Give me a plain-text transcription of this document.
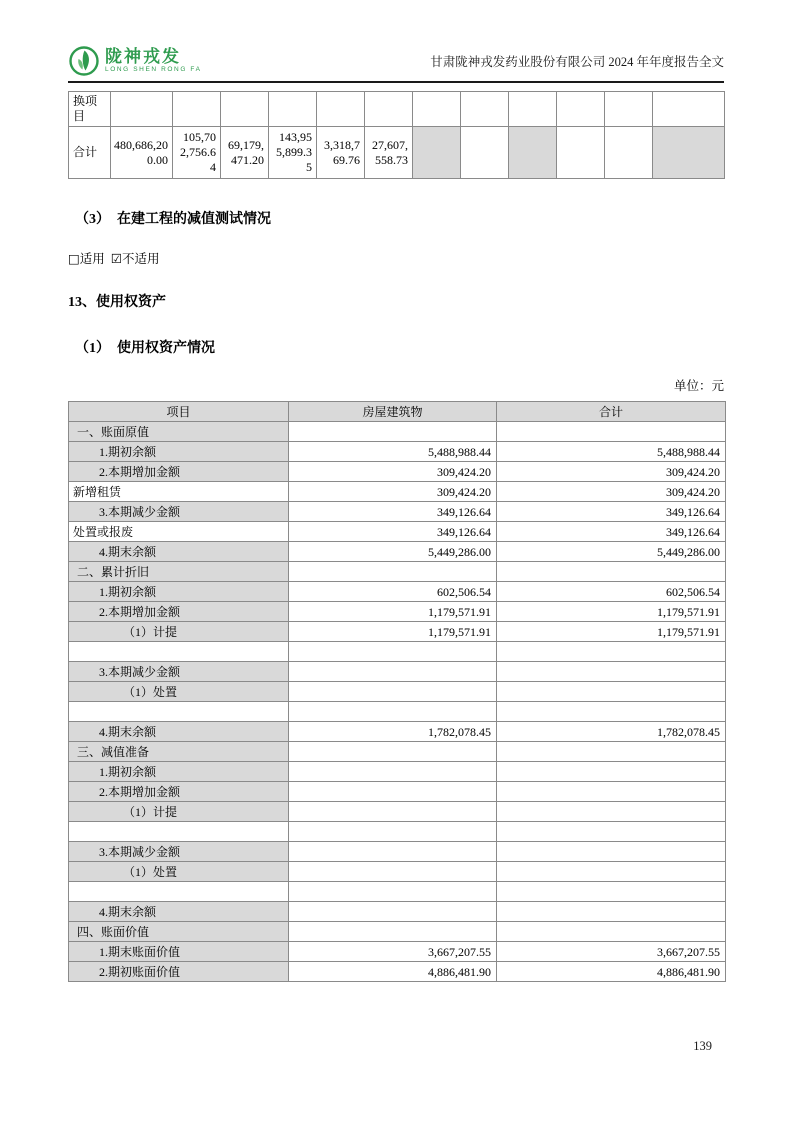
陇神戎发
LONG SHEN RONG FA
甘肃陇神戎发药业股份有限公司 2024 年年度报告全文
换项目												
合计	480,686,200.00	105,702,756.64	69,179,471.20	143,955,899.35	3,318,769.76	27,607,558.73						
（3）　在建工程的减值测试情况
□适用 ☑不适用
13、使用权资产
（1）　使用权资产情况
单位：元
项目	房屋建筑物	合计
一、账面原值		
1.期初余额	5,488,988.44	5,488,988.44
2.本期增加金额	309,424.20	309,424.20
新增租赁	309,424.20	309,424.20
3.本期减少金额	349,126.64	349,126.64
处置或报废	349,126.64	349,126.64
4.期末余额	5,449,286.00	5,449,286.00
二、累计折旧		
1.期初余额	602,506.54	602,506.54
2.本期增加金额	1,179,571.91	1,179,571.91
（1）计提	1,179,571.91	1,179,571.91

3.本期减少金额		
（1）处置		

4.期末余额	1,782,078.45	1,782,078.45
三、减值准备		
1.期初余额		
2.本期增加金额		
（1）计提		

3.本期减少金额		
（1）处置		

4.期末余额		
四、账面价值		
1.期末账面价值	3,667,207.55	3,667,207.55
2.期初账面价值	4,886,481.90	4,886,481.90
139
